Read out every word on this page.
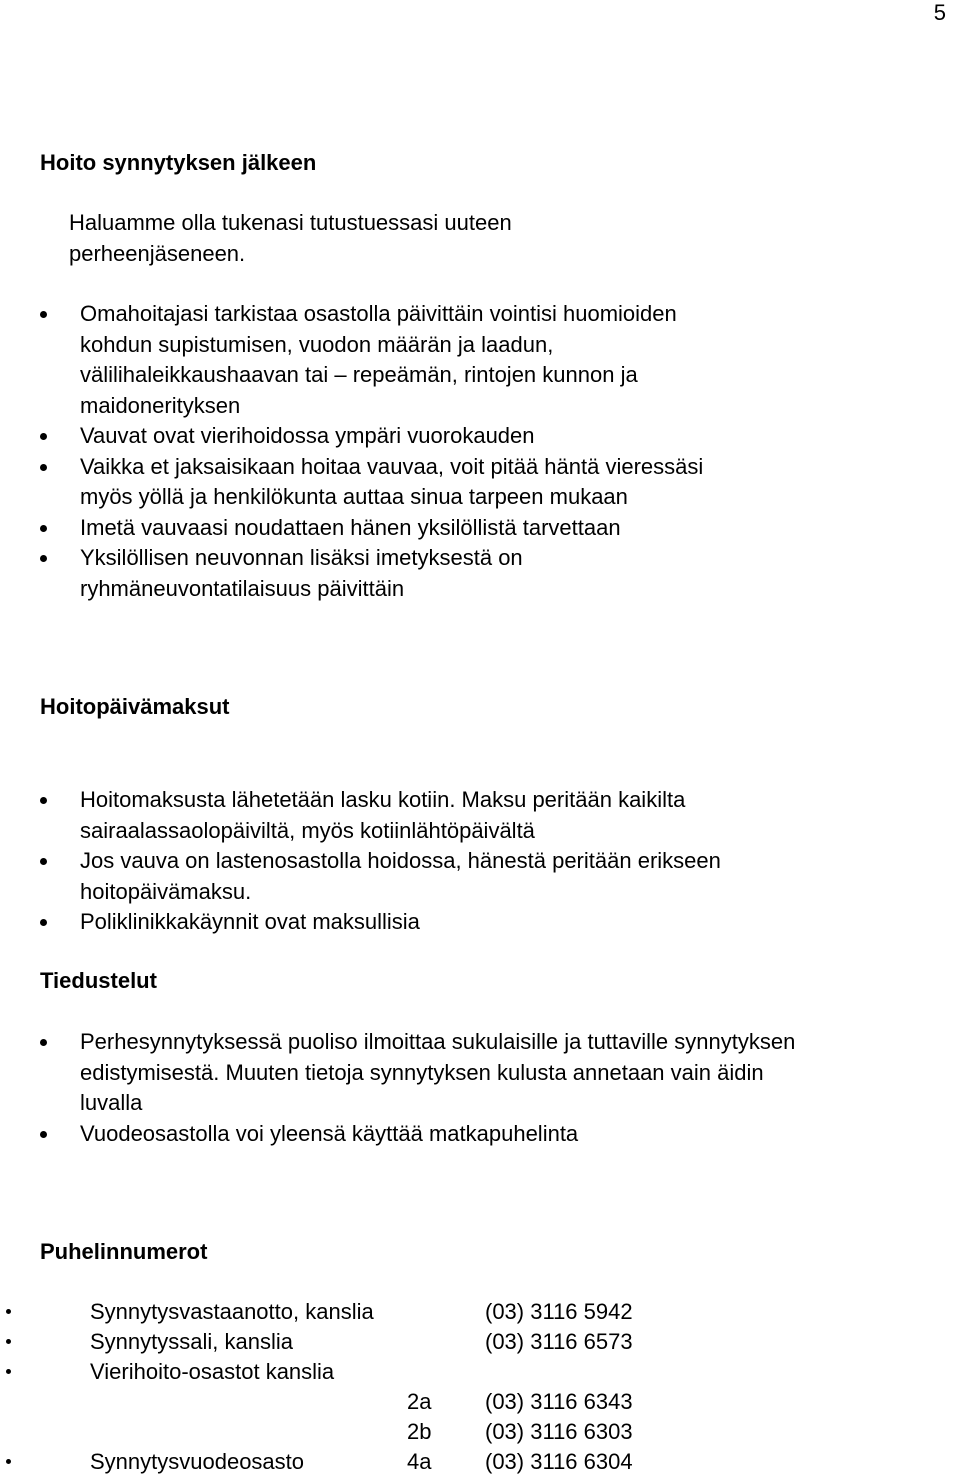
5
Hoito synnytyksen jälkeen

Haluamme olla tukenasi tutustuessasi uuteen perheenjäseneen.

Omahoitajasi tarkistaa osastolla päivittäin vointisi huomioiden kohdun supistumisen, vuodon määrän ja laadun, välilihaleikkaushaavan tai – repeämän, rintojen kunnon ja maidonerityksen
Vauvat ovat vierihoidossa ympäri vuorokauden
Vaikka et jaksaisikaan hoitaa vauvaa, voit pitää häntä vieressäsi myös yöllä ja henkilökunta auttaa sinua tarpeen mukaan
Imetä vauvaasi noudattaen hänen yksilöllistä tarvettaan
Yksilöllisen neuvonnan lisäksi imetyksestä on ryhmäneuvontatilaisuus päivittäin
Hoitopäivämaksut
Hoitomaksusta lähetetään lasku kotiin. Maksu peritään kaikilta sairaalassaolopäiviltä, myös kotiinlähtöpäivältä
Jos vauva on lastenosastolla hoidossa, hänestä peritään erikseen hoitopäivämaksu.
Poliklinikkakäynnit ovat maksullisia
Tiedustelut
Perhesynnytyksessä puoliso ilmoittaa sukulaisille ja tuttaville synnytyksen edistymisestä. Muuten tietoja synnytyksen kulusta annetaan vain äidin luvalla
Vuodeosastolla voi yleensä käyttää matkapuhelinta
Puhelinnumerot
Synnytysvastaanotto, kanslia	(03) 3116 5942
Synnytyssali, kanslia	(03) 3116 6573
Vierihoito-osastot kanslia
2a (03) 3116 6343
2b (03) 3116 6303
Synnytysvuodeosasto	4a (03) 3116 6304
